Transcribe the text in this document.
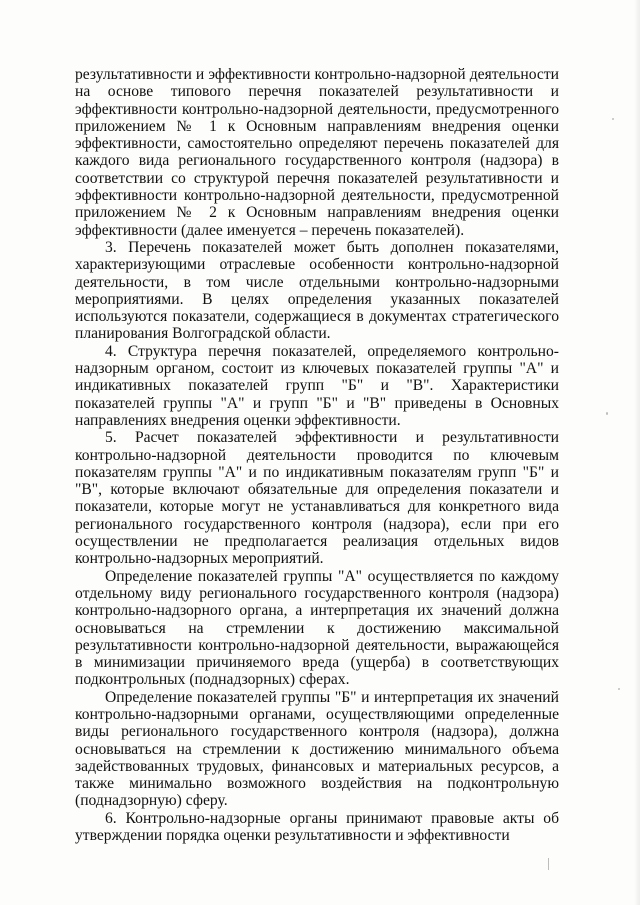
результативности и эффективности контрольно-надзорной деятельности на основе типового перечня показателей результативности и эффективности контрольно-надзорной деятельности, предусмотренного приложением № 1 к Основным направлениям внедрения оценки эффективности, самостоятельно определяют перечень показателей для каждого вида регионального государственного контроля (надзора) в соответствии со структурой перечня показателей результативности и эффективности контрольно-надзорной деятельности, предусмотренной приложением № 2 к Основным направлениям внедрения оценки эффективности (далее именуется – перечень показателей).

3. Перечень показателей может быть дополнен показателями, характеризующими отраслевые особенности контрольно-надзорной деятельности, в том числе отдельными контрольно-надзорными мероприятиями. В целях определения указанных показателей используются показатели, содержащиеся в документах стратегического планирования Волгоградской области.

4. Структура перечня показателей, определяемого контрольно-надзорным органом, состоит из ключевых показателей группы "А" и индикативных показателей групп "Б" и "В". Характеристики показателей группы "А" и групп "Б" и "В" приведены в Основных направлениях внедрения оценки эффективности.

5. Расчет показателей эффективности и результативности контрольно-надзорной деятельности проводится по ключевым показателям группы "А" и по индикативным показателям групп "Б" и "В", которые включают обязательные для определения показатели и показатели, которые могут не устанавливаться для конкретного вида регионального государственного контроля (надзора), если при его осуществлении не предполагается реализация отдельных видов контрольно-надзорных мероприятий.

Определение показателей группы "А" осуществляется по каждому отдельному виду регионального государственного контроля (надзора) контрольно-надзорного органа, а интерпретация их значений должна основываться на стремлении к достижению максимальной результативности контрольно-надзорной деятельности, выражающейся в минимизации причиняемого вреда (ущерба) в соответствующих подконтрольных (поднадзорных) сферах.

Определение показателей группы "Б" и интерпретация их значений контрольно-надзорными органами, осуществляющими определенные виды регионального государственного контроля (надзора), должна основываться на стремлении к достижению минимального объема задействованных трудовых, финансовых и материальных ресурсов, а также минимально возможного воздействия на подконтрольную (поднадзорную) сферу.

6. Контрольно-надзорные органы принимают правовые акты об утверждении порядка оценки результативности и эффективности
